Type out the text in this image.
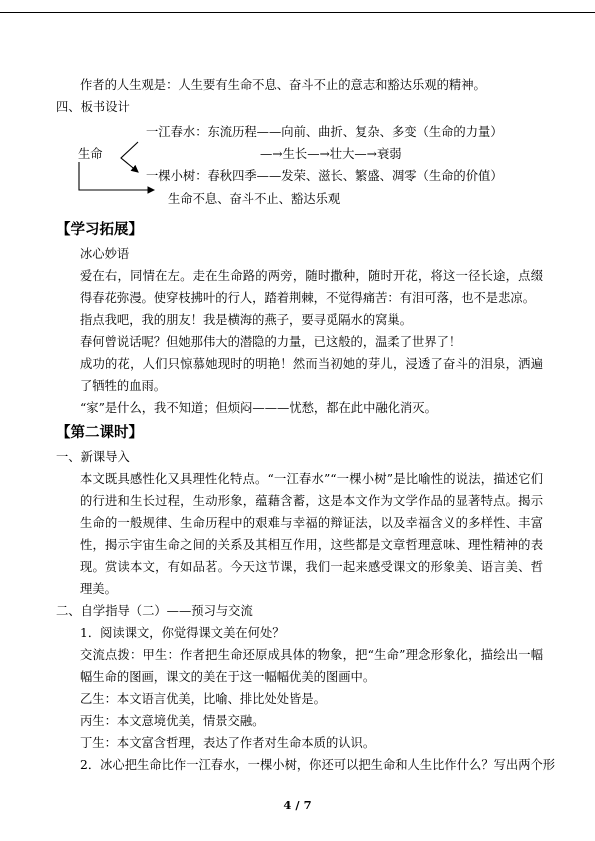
作者的人生观是：人生要有生命不息、奋斗不止的意志和豁达乐观的精神。

四、板书设计

生命
一江春水：东流历程——向前、曲折、复杂、多变（生命的力量）
—→生长—→壮大—→衰弱
一棵小树：春秋四季——发荣、滋长、繁盛、凋零（生命的价值）
生命不息、奋斗不止、豁达乐观

【学习拓展】

冰心妙语

爱在右，同情在左。走在生命路的两旁，随时撒种，随时开花，将这一径长途，点缀得春花弥漫。使穿枝拂叶的行人，踏着荆棘，不觉得痛苦：有泪可落，也不是悲凉。

指点我吧，我的朋友！我是横海的燕子，要寻觅隔水的窝巢。

春何曾说话呢？但她那伟大的潜隐的力量，已这般的，温柔了世界了！

成功的花，人们只惊慕她现时的明艳！然而当初她的芽儿，浸透了奋斗的泪泉，洒遍了牺牲的血雨。

“家”是什么，我不知道；但烦闷———忧愁，都在此中融化消灭。

【第二课时】

一、新课导入

本文既具感性化又具理性化特点。“一江春水”“一棵小树”是比喻性的说法，描述它们的行进和生长过程，生动形象，蕴藉含蓄，这是本文作为文学作品的显著特点。揭示生命的一般规律、生命历程中的艰难与幸福的辩证法，以及幸福含义的多样性、丰富性，揭示宇宙生命之间的关系及其相互作用，这些都是文章哲理意味、理性精神的表现。赏读本文，有如品茗。今天这节课，我们一起来感受课文的形象美、语言美、哲理美。

二、自学指导（二）——预习与交流

1．阅读课文，你觉得课文美在何处？

交流点拨：甲生：作者把生命还原成具体的物象，把“生命”理念形象化，描绘出一幅幅生命的图画，课文的美在于这一幅幅优美的图画中。

乙生：本文语言优美，比喻、排比处处皆是。

丙生：本文意境优美，情景交融。

丁生：本文富含哲理，表达了作者对生命本质的认识。

2．冰心把生命比作一江春水，一棵小树，你还可以把生命和人生比作什么？写出两个形

4 / 7
